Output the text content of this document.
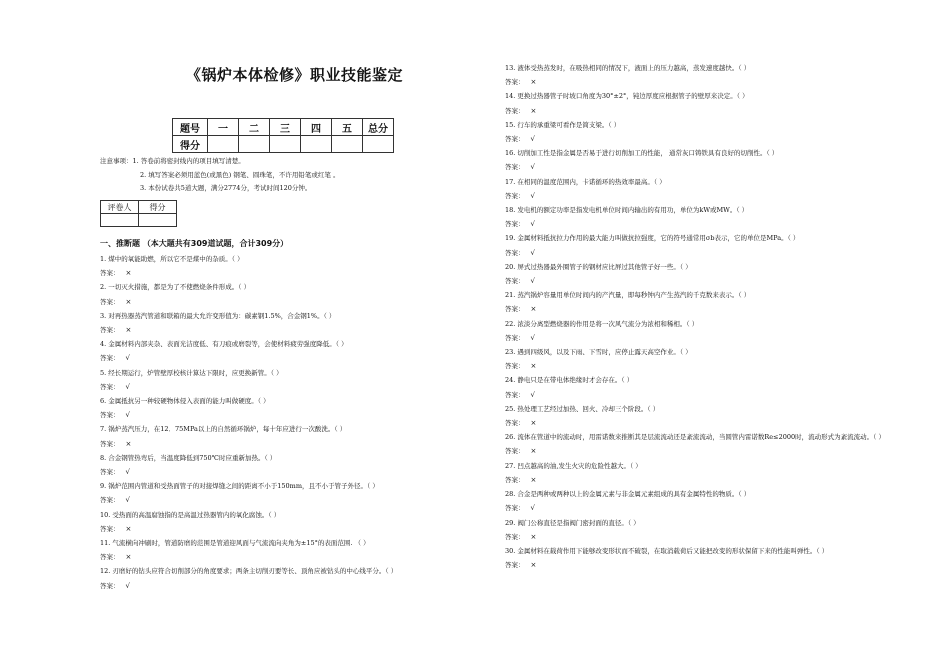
《锅炉本体检修》职业技能鉴定
题号	一	二	三	四	五	总分
得分						
注意事项：1. 答卷前将密封线内的项目填写清楚。
2. 填写答案必须用蓝色(或黑色) 钢笔、圆珠笔，不许用铅笔或红笔 。
3. 本份试卷共5道大题，满分2774分，考试时间120分钟。
评卷人	得分

一、推断题 （本大题共有309道试题，合计309分）
1. 煤中的氧能助燃，所以它不是煤中的杂质。（ ）
答案： ×
2. 一切灭火措施，都是为了不使燃烧条件形成。（ ）
答案： ×
3. 对再热器蒸汽管道和联箱的最大允许变形值为：碳素钢1.5%，合金钢1%。（ ）
答案： ×
4. 金属材料内部夹杂、表面光洁度低、有刀痕或磨裂等，会使材料疲劳强度降低。（ ）
答案： √
5. 经长期运行，炉管壁厚校核计算达下限时，应更换新管。（ ）
答案： √
6. 金属抵抗另一种较硬物体侵入表面的能力叫做硬度。（ ）
答案： √
7. 锅炉蒸汽压力，在12．75MPa以上的自然循环锅炉，每十年应进行一次酸洗。（ ）
答案： ×
8. 合金钢管热弯后，当温度降低到750℃时应重新加热。（ ）
答案： √
9. 锅炉范围内管道和受热面管子的对接焊缝之间的距离不小于150mm，且不小于管子外径。（ ）
答案： √
10. 受热面的高温腐蚀指的是高温过热器管内的氧化腐蚀。（ ）
答案： ×
11. 气流横向冲刷时，管道防磨的范围是管道迎风面与气流流向夹角为±15°的表面范围. （ ）
答案： ×
12. 刃磨好的钻头应符合切削部分的角度要求；两条主切削刃要等长、顶角应被钻头的中心线平分。（ ）
答案： √
13. 液体受热蒸发时，在吸热相同的情况下，液面上的压力越高，蒸发速度越快。（ ）
答案： ×
14. 更换过热器管子时坡口角度为30°±2°，钝边厚度应根据管子的壁厚来决定。（ ）
答案： ×
15. 行车的承重梁可看作是简支梁。（ ）
答案： √
16. 切削加工性是指金属是否易于进行切削加工的性能， 通常灰口铸铁具有良好的切削性。（ ）
答案： √
17. 在相同的温度范围内，卡诺循环的热效率最高。（ ）
答案： √
18. 发电机的额定功率是指发电机单位时间内输出的有用功，单位为kW或MW。（ ）
答案： √
19. 金属材料抵抗拉力作用的最大能力叫做抗拉强度，它的符号通常用σb表示，它的单位是MPa。（ ）
答案： √
20. 屏式过热器最外圈管子的钢材应比屏过其他管子好一些。（ ）
答案： √
21. 蒸汽锅炉容量用单位时间内的产汽量，即每秒钟内产生蒸汽的千克数来表示。（ ）
答案： ×
22. 浓淡分离型燃烧器的作用是将一次风气流分为浓相和稀相。（ ）
答案： √
23. 遇到四级风，以及下雨、下雪时，应停止露天高空作业。（ ）
答案： ×
24. 静电只是在带电体绝缘时才会存在。（ ）
答案： √
25. 热处理工艺经过加热、回火、冷却三个阶段。（ ）
答案： ×
26. 流体在管道中的流动时，用雷诺数来推断其是层流流动还是紊流流动，当圆管内雷诺数Re≤2000时，流动形式为紊流流动。（ ）
答案： ×
27. 凹点越高的油,发生火灾的危险性越大。（ ）
答案： ×
28. 合金是两种或两种以上的金属元素与非金属元素组成的具有金属特性的物质。（ ）
答案： √
29. 阀门公称直径是指阀门密封面的直径。（ ）
答案： ×
30. 金属材料在载荷作用下能够改变形状而不破裂，在取消载荷后又能把改变的形状保留下来的性能叫弹性。（ ）
答案： ×
